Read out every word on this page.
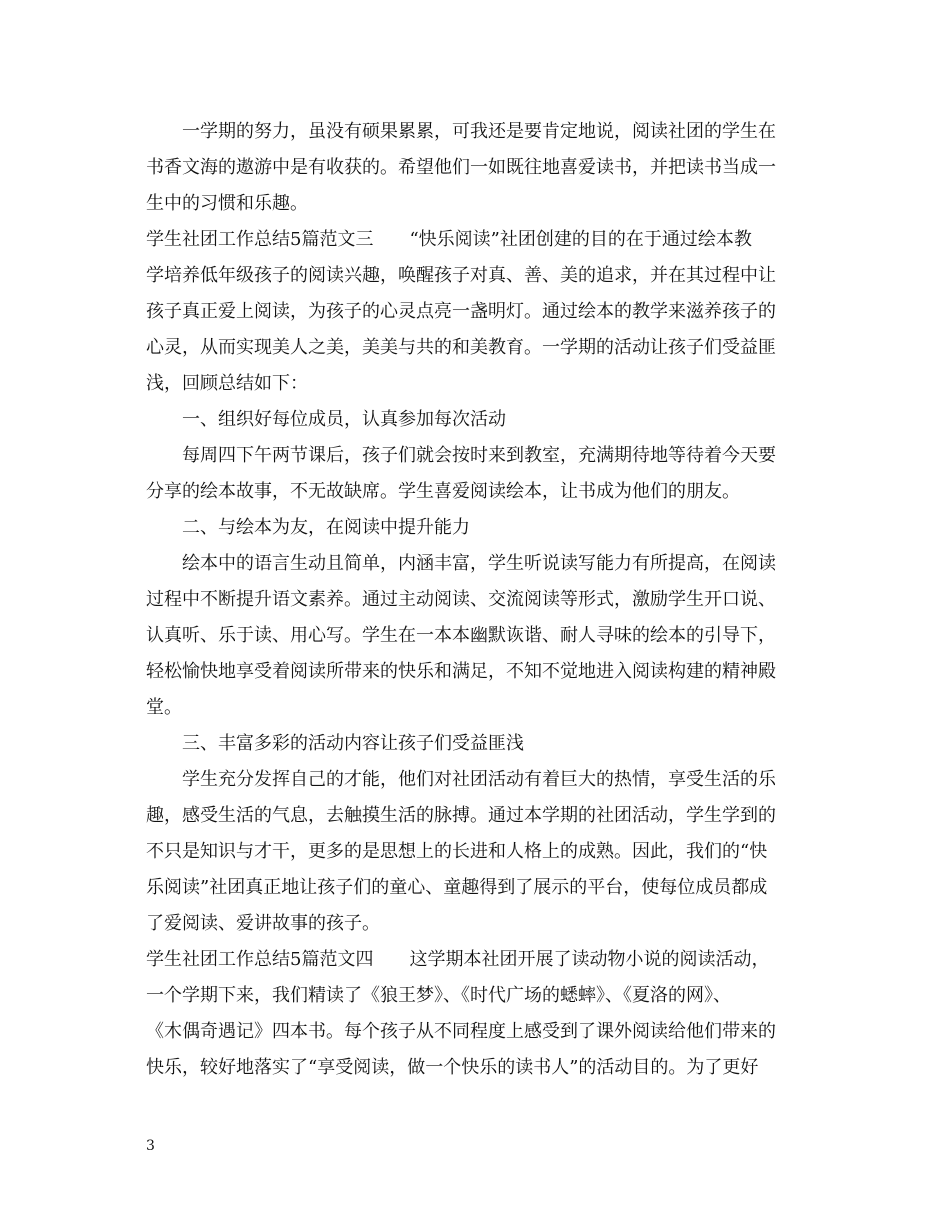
一学期的努力，虽没有硕果累累，可我还是要肯定地说，阅读社团的学生在
书香文海的遨游中是有收获的。希望他们一如既往地喜爱读书，并把读书当成一
生中的习惯和乐趣。
学生社团工作总结5篇范文三　　“快乐阅读”社团创建的目的在于通过绘本教
学培养低年级孩子的阅读兴趣，唤醒孩子对真、善、美的追求，并在其过程中让
孩子真正爱上阅读，为孩子的心灵点亮一盏明灯。通过绘本的教学来滋养孩子的
心灵，从而实现美人之美，美美与共的和美教育。一学期的活动让孩子们受益匪
浅，回顾总结如下：
一、组织好每位成员，认真参加每次活动
每周四下午两节课后，孩子们就会按时来到教室，充满期待地等待着今天要
分享的绘本故事，不无故缺席。学生喜爱阅读绘本，让书成为他们的朋友。
二、与绘本为友，在阅读中提升能力
绘本中的语言生动且简单，内涵丰富，学生听说读写能力有所提高，在阅读
过程中不断提升语文素养。通过主动阅读、交流阅读等形式，激励学生开口说、
认真听、乐于读、用心写。学生在一本本幽默诙谐、耐人寻味的绘本的引导下，
轻松愉快地享受着阅读所带来的快乐和满足，不知不觉地进入阅读构建的精神殿
堂。
三、丰富多彩的活动内容让孩子们受益匪浅
学生充分发挥自己的才能，他们对社团活动有着巨大的热情，享受生活的乐
趣，感受生活的气息，去触摸生活的脉搏。通过本学期的社团活动，学生学到的
不只是知识与才干，更多的是思想上的长进和人格上的成熟。因此，我们的“快
乐阅读”社团真正地让孩子们的童心、童趣得到了展示的平台，使每位成员都成
了爱阅读、爱讲故事的孩子。
学生社团工作总结5篇范文四　　这学期本社团开展了读动物小说的阅读活动，
一个学期下来，我们精读了《狼王梦》、《时代广场的蟋蟀》、《夏洛的网》、
《木偶奇遇记》四本书。每个孩子从不同程度上感受到了课外阅读给他们带来的
快乐，较好地落实了“享受阅读，做一个快乐的读书人”的活动目的。为了更好
3
